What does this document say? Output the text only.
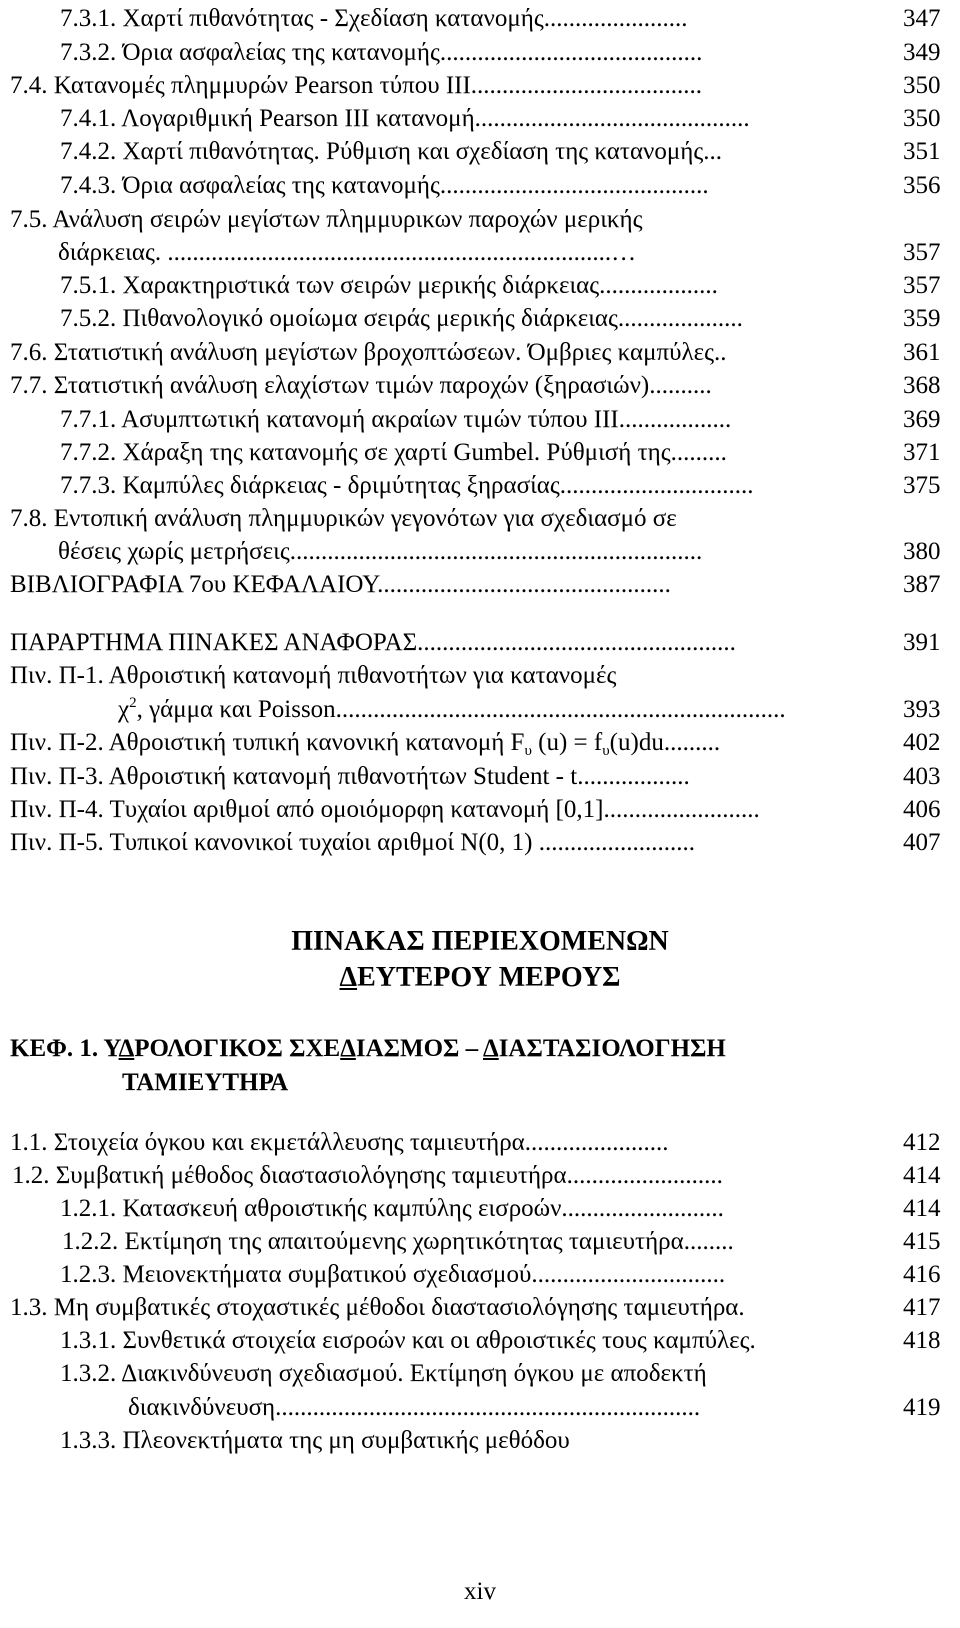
7.3.1. Χαρτί πιθανότητας - Σχεδίαση κατανομής.......................	347
7.3.2. Όρια ασφαλείας της κατανομής..........................................	349
7.4. Κατανομές πλημμυρών Pearson τύπου ΙΙΙ.....................................	350
7.4.1. Λογαριθμική Pearson ΙΙΙ κατανομή............................................	350
7.4.2. Χαρτί πιθανότητας. Ρύθμιση και σχεδίαση της κατανομής...	351
7.4.3. Όρια ασφαλείας της κατανομής...........................................	356
7.5. Ανάλυση σειρών μεγίστων πλημμυρικων παροχών μερικής
διάρκειας. .......................................................................…	357
7.5.1. Χαρακτηριστικά των σειρών μερικής διάρκειας...................	357
7.5.2. Πιθανολογικό ομοίωμα σειράς μερικής διάρκειας....................	359
7.6. Στατιστική ανάλυση μεγίστων βροχοπτώσεων. Όμβριες καμπύλες..	361
7.7. Στατιστική ανάλυση ελαχίστων τιμών παροχών (ξηρασιών)..........	368
7.7.1. Ασυμπτωτική κατανομή ακραίων τιμών τύπου ΙΙΙ..................	369
7.7.2. Χάραξη της κατανομής σε χαρτί Gumbel. Ρύθμισή της.........	371
7.7.3. Καμπύλες διάρκειας - δριμύτητας ξηρασίας...............................	375
7.8. Εντοπική ανάλυση πλημμυρικών γεγονότων για σχεδιασμό σε
θέσεις χωρίς μετρήσεις..................................................................	380
ΒΙΒΛΙΟΓΡΑΦΙΑ 7ου ΚΕΦΑΛΑΙΟΥ...............................................	387
ΠΑΡΑΡΤΗΜΑ ΠΙΝΑΚΕΣ ΑΝΑΦΟΡΑΣ...................................................	391
Πιν. Π-1. Αθροιστική κατανομή πιθανοτήτων για κατανομές
$\chi^2$, γάμμα και Poisson........................................................................	393
Πιν. Π-2. Αθροιστική τυπική κανονική κατανομή $F_\upsilon$ $(u) = f_\upsilon(u)du$.........	402
Πιν. Π-3. Αθροιστική κατανομή πιθανοτήτων Student - t..................	403
Πιν. Π-4. Τυχαίοι αριθμοί από ομοιόμορφη κατανομή [0,1].........................	406
Πιν. Π-5. Τυπικοί κανονικοί τυχαίοι αριθμοί Ν(0, 1) .........................	407
ΠΙΝΑΚΑΣ ΠΕΡΙΕΧΟΜΕΝΩΝ
ΔΕΥΤΕΡΟΥ ΜΕΡΟΥΣ
ΚΕΦ. 1. ΥΔΡΟΛΟΓΙΚΟΣ ΣΧΕΔΙΑΣΜΟΣ – ΔΙΑΣΤΑΣΙΟΛΟΓΗΣΗ
ΤΑΜΙΕΥΤΗΡΑ
1.1. Στοιχεία όγκου και εκμετάλλευσης ταμιευτήρα.......................	412
1.2. Συμβατική μέθοδος διαστασιολόγησης ταμιευτήρα.........................	414
1.2.1. Κατασκευή αθροιστικής καμπύλης εισροών..........................	414
1.2.2. Εκτίμηση της απαιτούμενης χωρητικότητας ταμιευτήρα........	415
1.2.3. Μειονεκτήματα συμβατικού σχεδιασμού...............................	416
1.3. Μη συμβατικές στοχαστικές μέθοδοι διαστασιολόγησης ταμιευτήρα.	417
1.3.1. Συνθετικά στοιχεία εισροών και οι αθροιστικές τους καμπύλες.	418
1.3.2. Διακινδύνευση σχεδιασμού. Εκτίμηση όγκου με αποδεκτή
διακινδύνευση....................................................................	419
1.3.3. Πλεονεκτήματα της μη συμβατικής μεθόδου
xiv
